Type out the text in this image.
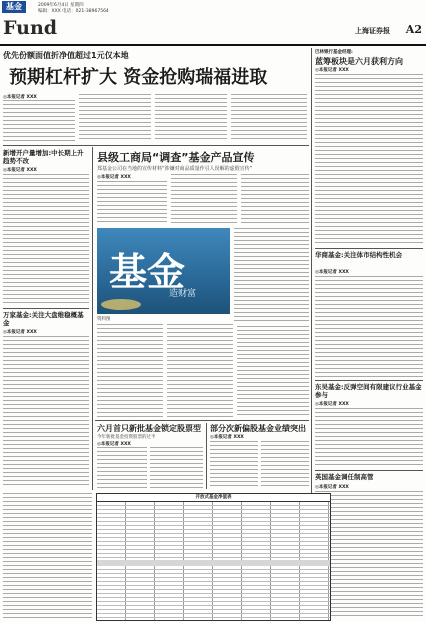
基金	2009年6月4日 星期四
编辑：XXX 电话：021-38967564
Fund	上海证券报 A2
优先份额面值折净值超过1元仅本地
预期杠杆扩大 资金抢购瑞福进取
◎本报记者 XXX
巴林银行基金经理:
蓝筹板块是六月获利方向
◎本报记者 XXX
新增开户量增加:中长期上升趋势不改
◎本报记者 XXX
万家基金:关注大盘维稳概基金
◎本报记者 XXX
县级工商局“调查”基金产品宣传
郑基金公司在当地的宣传材料“涉嫌对商品质量作引人误解的虚假宣传”
◎本报记者 XXX
基金
造财富
资料图
六月首只新批基金锁定股票型
今年新批基金投资股票的过半
◎本报记者 XXX
部分次新偏股基金业绩突出
◎本报记者 XXX
华商基金:关注体市结构性机会
◎本报记者 XXX
东吴基金:反弹空间有限建议行业基金参与
◎本报记者 XXX
英国基金调任制高管
◎本报记者 XXX
开放式基金净值表
